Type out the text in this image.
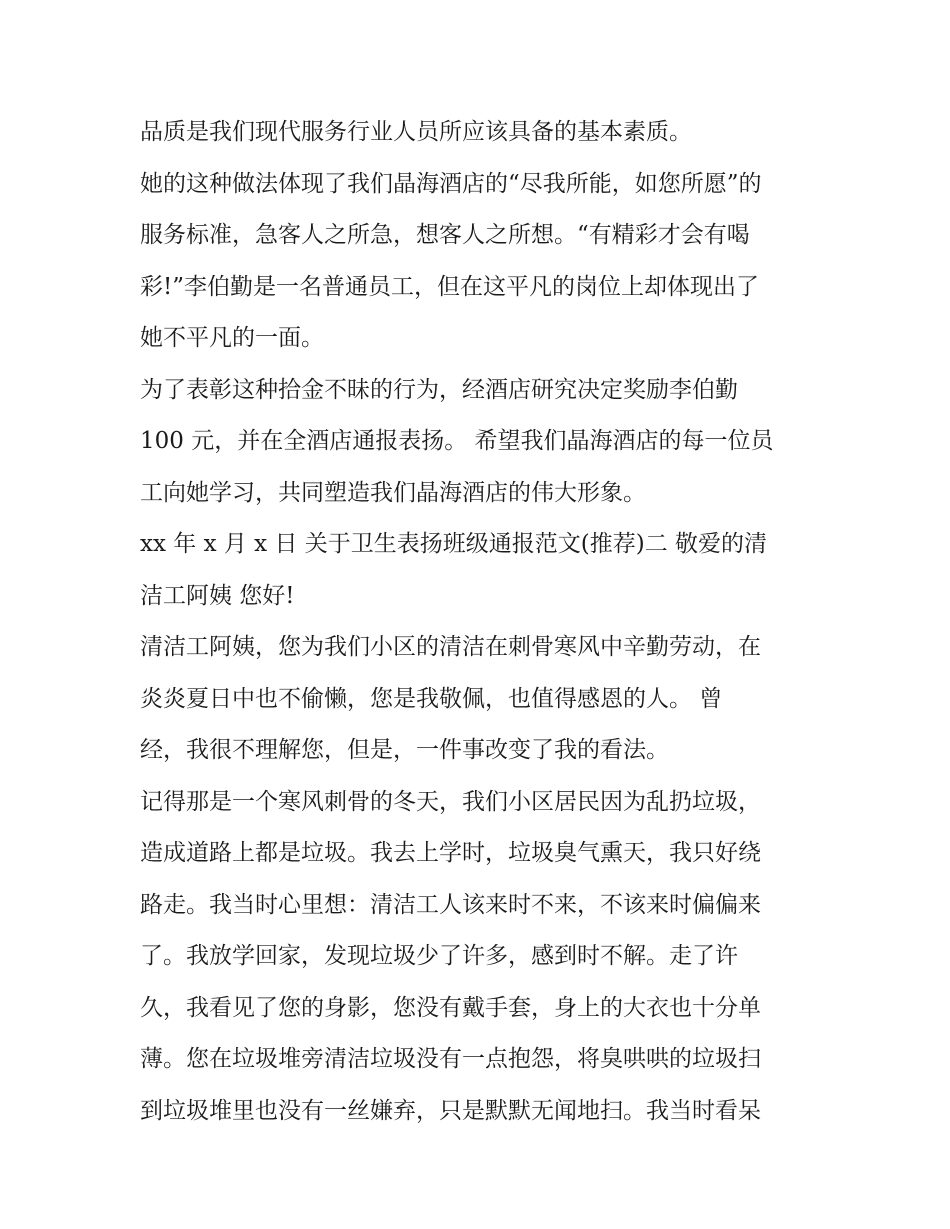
品质是我们现代服务行业人员所应该具备的基本素质。
她的这种做法体现了我们晶海酒店的“尽我所能，如您所愿”的
服务标准，急客人之所急，想客人之所想。“有精彩才会有喝
彩!”李伯勤是一名普通员工，但在这平凡的岗位上却体现出了
她不平凡的一面。
为了表彰这种拾金不昧的行为，经酒店研究决定奖励李伯勤
100 元，并在全酒店通报表扬。 希望我们晶海酒店的每一位员
工向她学习，共同塑造我们晶海酒店的伟大形象。
xx 年 x 月 x 日 关于卫生表扬班级通报范文(推荐)二 敬爱的清
洁工阿姨 您好!
清洁工阿姨，您为我们小区的清洁在刺骨寒风中辛勤劳动，在
炎炎夏日中也不偷懒，您是我敬佩，也值得感恩的人。 曾
经，我很不理解您，但是，一件事改变了我的看法。
记得那是一个寒风刺骨的冬天，我们小区居民因为乱扔垃圾，
造成道路上都是垃圾。我去上学时，垃圾臭气熏天，我只好绕
路走。我当时心里想：清洁工人该来时不来，不该来时偏偏来
了。我放学回家，发现垃圾少了许多，感到时不解。走了许
久，我看见了您的身影，您没有戴手套，身上的大衣也十分单
薄。您在垃圾堆旁清洁垃圾没有一点抱怨，将臭哄哄的垃圾扫
到垃圾堆里也没有一丝嫌弃，只是默默无闻地扫。我当时看呆
